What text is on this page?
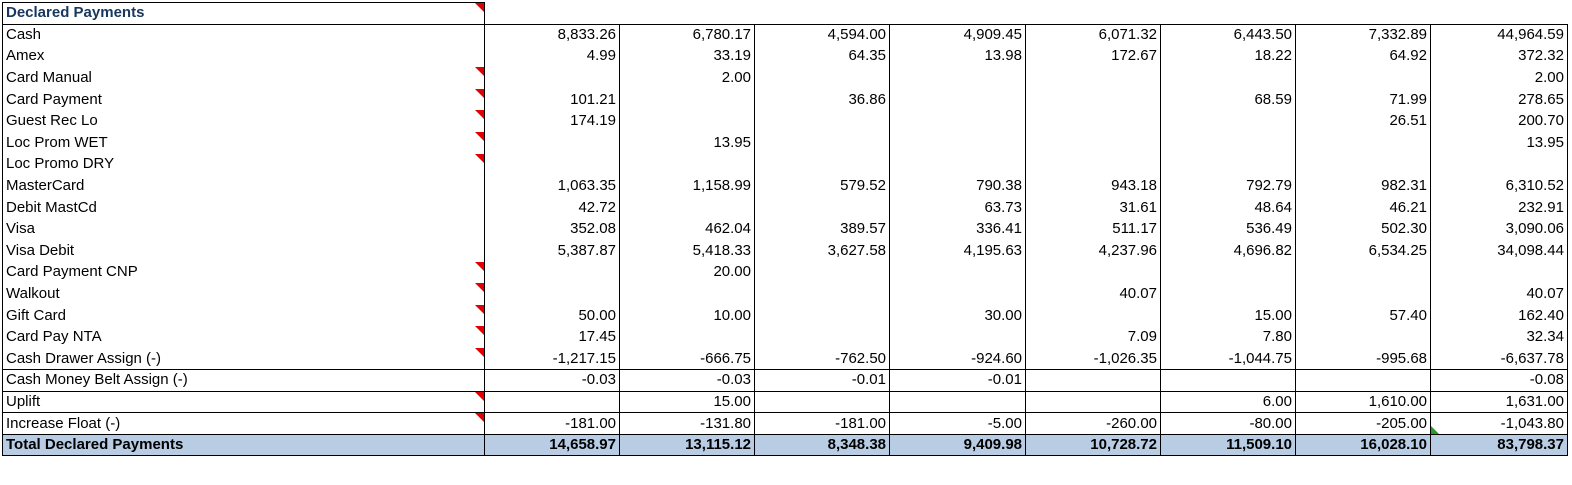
Declared Payments

Cash	8,833.26	6,780.17	4,594.00	4,909.45	6,071.32	6,443.50	7,332.89	44,964.59
Amex	4.99	33.19	64.35	13.98	172.67	18.22	64.92	372.32
Card Manual		2.00						2.00
Card Payment	101.21		36.86			68.59	71.99	278.65
Guest Rec Lo	174.19						26.51	200.70
Loc Prom WET		13.95						13.95
Loc Promo DRY

MasterCard	1,063.35	1,158.99	579.52	790.38	943.18	792.79	982.31	6,310.52
Debit MastCd	42.72			63.73	31.61	48.64	46.21	232.91
Visa	352.08	462.04	389.57	336.41	511.17	536.49	502.30	3,090.06
Visa Debit	5,387.87	5,418.33	3,627.58	4,195.63	4,237.96	4,696.82	6,534.25	34,098.44
Card Payment CNP		20.00						
Walkout					40.07			40.07
Gift Card	50.00	10.00		30.00		15.00	57.40	162.40
Card Pay NTA	17.45				7.09	7.80		32.34
Cash Drawer Assign (-)	-1,217.15	-666.75	-762.50	-924.60	-1,026.35	-1,044.75	-995.68	-6,637.78
Cash Money Belt Assign (-)	-0.03	-0.03	-0.01	-0.01				-0.08
Uplift		15.00				6.00	1,610.00	1,631.00
Increase Float (-)	-181.00	-131.80	-181.00	-5.00	-260.00	-80.00	-205.00	-1,043.80

Total Declared Payments	14,658.97	13,115.12	8,348.38	9,409.98	10,728.72	11,509.10	16,028.10	83,798.37
